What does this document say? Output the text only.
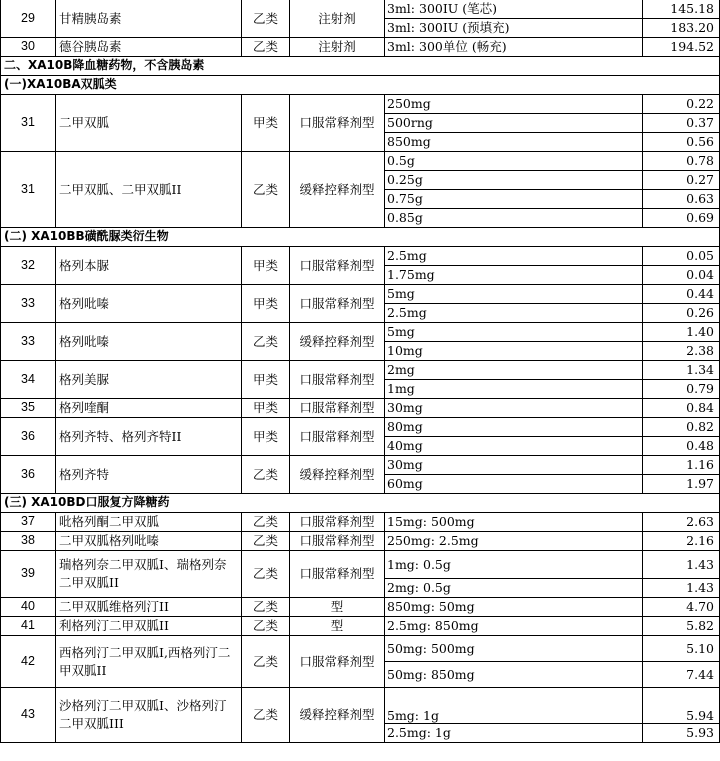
29	甘精胰岛素	乙类	注射剂	3ml: 300IU (笔芯)	145.18
				3ml: 300IU (预填充)	183.20
30	德谷胰岛素	乙类	注射剂	3ml: 300单位 (畅充)	194.52
二、XA10B降血糖药物，不含胰岛素					
(一)XA10BA双胍类					
31	二甲双胍	甲类	口服常释剂型	250mg	0.22
				500rng	0.37
				850mg	0.56
31	二甲双胍、二甲双胍II	乙类	缓释控释剂型	0.5g	0.78
				0.25g	0.27
				0.75g	0.63
				0.85g	0.69
(二) XA10BB磺酰脲类衍生物					
32	格列本脲	甲类	口服常释剂型	2.5mg	0.05
				1.75mg	0.04
33	格列吡嗪	甲类	口服常释剂型	5mg	0.44
				2.5mg	0.26
33	格列吡嗪	乙类	缓释控释剂型	5mg	1.40
				10mg	2.38
34	格列美脲	甲类	口服常释剂型	2mg	1.34
				1mg	0.79
35	格列喹酮	甲类	口服常释剂型	30mg	0.84
36	格列齐特、格列齐特II	甲类	口服常释剂型	80mg	0.82
				40mg	0.48
36	格列齐特	乙类	缓释控释剂型	30mg	1.16
				60mg	1.97
(三) XA10BD口服复方降糖药					
37	吡格列酮二甲双胍	乙类	口服常释剂型	15mg: 500mg	2.63
38	二甲双胍格列吡嗪	乙类	口服常释剂型	250mg: 2.5mg	2.16
39	瑞格列奈二甲双胍I、瑞格列奈二甲双胍II	乙类	口服常释剂型	1mg: 0.5g	1.43
				2mg: 0.5g	1.43
40	二甲双胍维格列汀II	乙类	型	850mg: 50mg	4.70
41	利格列汀二甲双胍II	乙类	型	2.5mg: 850mg	5.82
42	西格列汀二甲双胍I,西格列汀二甲双胍II	乙类	口服常释剂型	50mg: 500mg	5.10
				50mg: 850mg	7.44
43	沙格列汀二甲双胍I、沙格列汀二甲双胍III	乙类	缓释控释剂型	5mg: 1g	5.94
				2.5mg: 1g	5.93
